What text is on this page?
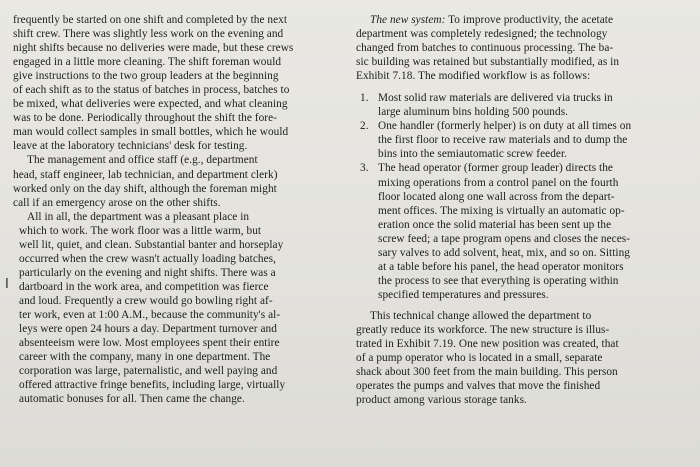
frequently be started on one shift and completed by the next
shift crew. There was slightly less work on the evening and
night shifts because no deliveries were made, but these crews
engaged in a little more cleaning. The shift foreman would
give instructions to the two group leaders at the beginning
of each shift as to the status of batches in process, batches to
be mixed, what deliveries were expected, and what cleaning
was to be done. Periodically throughout the shift the fore-
man would collect samples in small bottles, which he would
leave at the laboratory technicians' desk for testing.
The management and office staff (e.g., department
head, staff engineer, lab technician, and department clerk)
worked only on the day shift, although the foreman might
call if an emergency arose on the other shifts.
All in all, the department was a pleasant place in
which to work. The work floor was a little warm, but
well lit, quiet, and clean. Substantial banter and horseplay
occurred when the crew wasn't actually loading batches,
particularly on the evening and night shifts. There was a
dartboard in the work area, and competition was fierce
and loud. Frequently a crew would go bowling right af-
ter work, even at 1:00 A.M., because the community's al-
leys were open 24 hours a day. Department turnover and
absenteeism were low. Most employees spent their entire
career with the company, many in one department. The
corporation was large, paternalistic, and well paying and
offered attractive fringe benefits, including large, virtually
automatic bonuses for all. Then came the change.
I
The new system: To improve productivity, the acetate
department was completely redesigned; the technology
changed from batches to continuous processing. The ba-
sic building was retained but substantially modified, as in
Exhibit 7.18. The modified workflow is as follows:
1. Most solid raw materials are delivered via trucks in
large aluminum bins holding 500 pounds.
2. One handler (formerly helper) is on duty at all times on
the first floor to receive raw materials and to dump the
bins into the semiautomatic screw feeder.
3. The head operator (former group leader) directs the
mixing operations from a control panel on the fourth
floor located along one wall across from the depart-
ment offices. The mixing is virtually an automatic op-
eration once the solid material has been sent up the
screw feed; a tape program opens and closes the neces-
sary valves to add solvent, heat, mix, and so on. Sitting
at a table before his panel, the head operator monitors
the process to see that everything is operating within
specified temperatures and pressures.
This technical change allowed the department to
greatly reduce its workforce. The new structure is illus-
trated in Exhibit 7.19. One new position was created, that
of a pump operator who is located in a small, separate
shack about 300 feet from the main building. This person
operates the pumps and valves that move the finished
product among various storage tanks.
